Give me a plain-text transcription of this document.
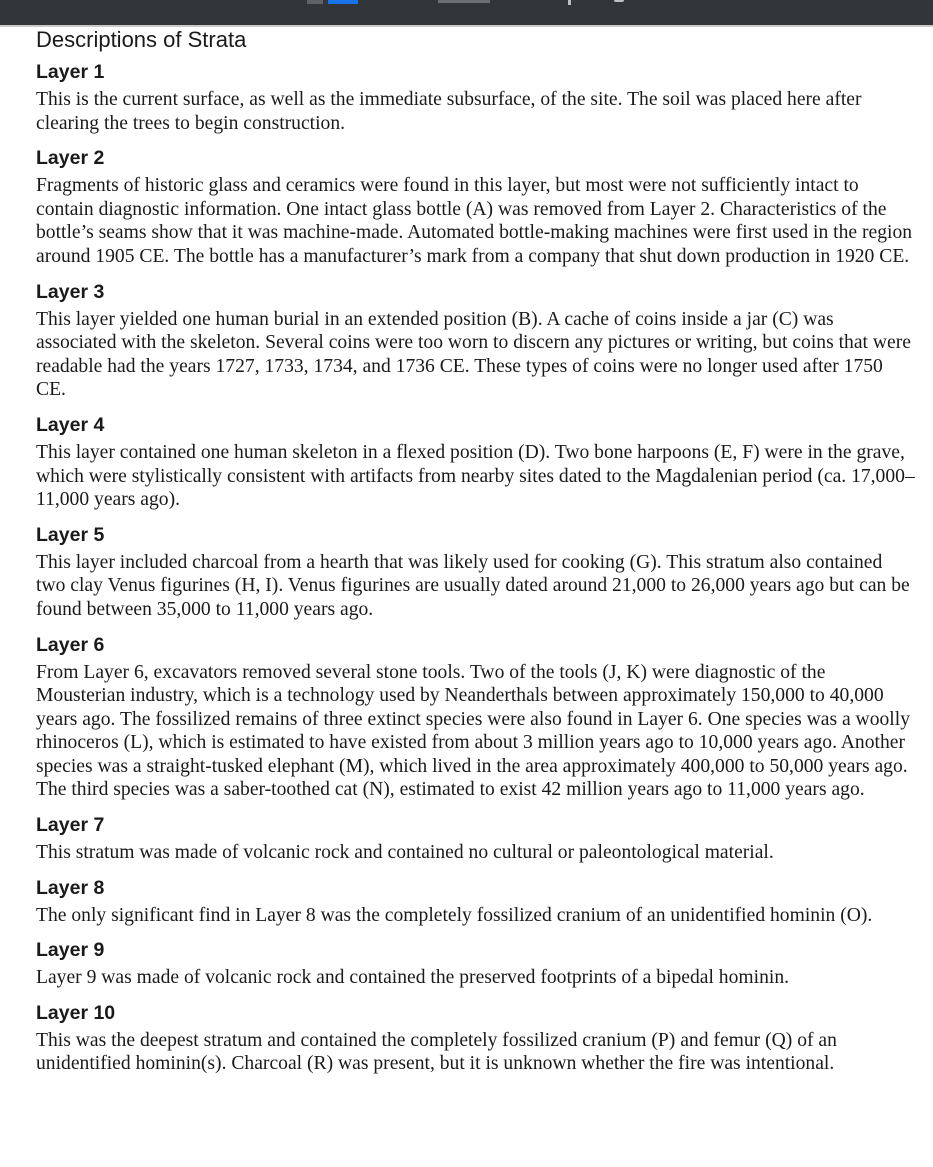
Descriptions of Strata
Layer 1

This is the current surface, as well as the immediate subsurface, of the site. The soil was placed here after clearing the trees to begin construction.

Layer 2

Fragments of historic glass and ceramics were found in this layer, but most were not sufficiently intact to contain diagnostic information. One intact glass bottle (A) was removed from Layer 2. Characteristics of the bottle’s seams show that it was machine-made. Automated bottle-making machines were first used in the region around 1905 CE. The bottle has a manufacturer’s mark from a company that shut down production in 1920 CE.

Layer 3

This layer yielded one human burial in an extended position (B). A cache of coins inside a jar (C) was associated with the skeleton. Several coins were too worn to discern any pictures or writing, but coins that were readable had the years 1727, 1733, 1734, and 1736 CE. These types of coins were no longer used after 1750 CE.

Layer 4

This layer contained one human skeleton in a flexed position (D). Two bone harpoons (E, F) were in the grave, which were stylistically consistent with artifacts from nearby sites dated to the Magdalenian period (ca. 17,000–11,000 years ago).

Layer 5

This layer included charcoal from a hearth that was likely used for cooking (G). This stratum also contained two clay Venus figurines (H, I). Venus figurines are usually dated around 21,000 to 26,000 years ago but can be found between 35,000 to 11,000 years ago.

Layer 6

From Layer 6, excavators removed several stone tools. Two of the tools (J, K) were diagnostic of the Mousterian industry, which is a technology used by Neanderthals between approximately 150,000 to 40,000 years ago. The fossilized remains of three extinct species were also found in Layer 6. One species was a woolly rhinoceros (L), which is estimated to have existed from about 3 million years ago to 10,000 years ago. Another species was a straight-tusked elephant (M), which lived in the area approximately 400,000 to 50,000 years ago. The third species was a saber-toothed cat (N), estimated to exist 42 million years ago to 11,000 years ago.

Layer 7

This stratum was made of volcanic rock and contained no cultural or paleontological material.

Layer 8

The only significant find in Layer 8 was the completely fossilized cranium of an unidentified hominin (O).

Layer 9

Layer 9 was made of volcanic rock and contained the preserved footprints of a bipedal hominin.

Layer 10

This was the deepest stratum and contained the completely fossilized cranium (P) and femur (Q) of an unidentified hominin(s). Charcoal (R) was present, but it is unknown whether the fire was intentional.
